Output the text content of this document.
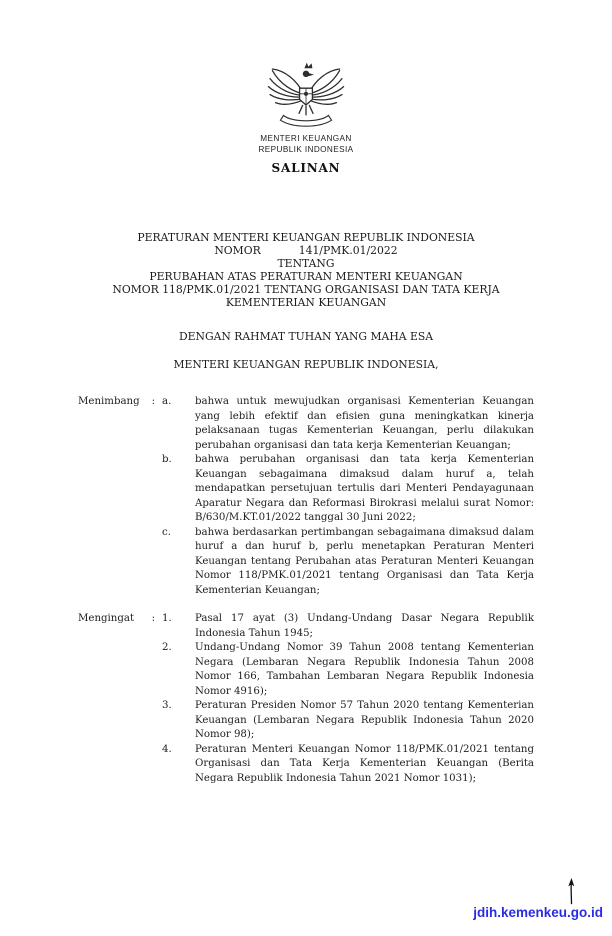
MENTERI KEUANGAN
REPUBLIK INDONESIA
SALINAN
PERATURAN MENTERI KEUANGAN REPUBLIK INDONESIA
NOMOR	141/PMK.01/2022
TENTANG
PERUBAHAN ATAS PERATURAN MENTERI KEUANGAN
NOMOR 118/PMK.01/2021 TENTANG ORGANISASI DAN TATA KERJA
KEMENTERIAN KEUANGAN
DENGAN RAHMAT TUHAN YANG MAHA ESA
MENTERI KEUANGAN REPUBLIK INDONESIA,
Menimbang : a.	bahwa untuk mewujudkan organisasi Kementerian Keuangan yang lebih efektif dan efisien guna meningkatkan kinerja pelaksanaan tugas Kementerian Keuangan, perlu dilakukan perubahan organisasi dan tata kerja Kementerian Keuangan;
b.	bahwa perubahan organisasi dan tata kerja Kementerian Keuangan sebagaimana dimaksud dalam huruf a, telah mendapatkan persetujuan tertulis dari Menteri Pendayagunaan Aparatur Negara dan Reformasi Birokrasi melalui surat Nomor: B/630/M.KT.01/2022 tanggal 30 Juni 2022;
c.	bahwa berdasarkan pertimbangan sebagaimana dimaksud dalam huruf a dan huruf b, perlu menetapkan Peraturan Menteri Keuangan tentang Perubahan atas Peraturan Menteri Keuangan Nomor 118/PMK.01/2021 tentang Organisasi dan Tata Kerja Kementerian Keuangan;
Mengingat : 1.	Pasal 17 ayat (3) Undang-Undang Dasar Negara Republik Indonesia Tahun 1945;
2.	Undang-Undang Nomor 39 Tahun 2008 tentang Kementerian Negara (Lembaran Negara Republik Indonesia Tahun 2008 Nomor 166, Tambahan Lembaran Negara Republik Indonesia Nomor 4916);
3.	Peraturan Presiden Nomor 57 Tahun 2020 tentang Kementerian Keuangan (Lembaran Negara Republik Indonesia Tahun 2020 Nomor 98);
4.	Peraturan Menteri Keuangan Nomor 118/PMK.01/2021 tentang Organisasi dan Tata Kerja Kementerian Keuangan (Berita Negara Republik Indonesia Tahun 2021 Nomor 1031);
jdih.kemenkeu.go.id
